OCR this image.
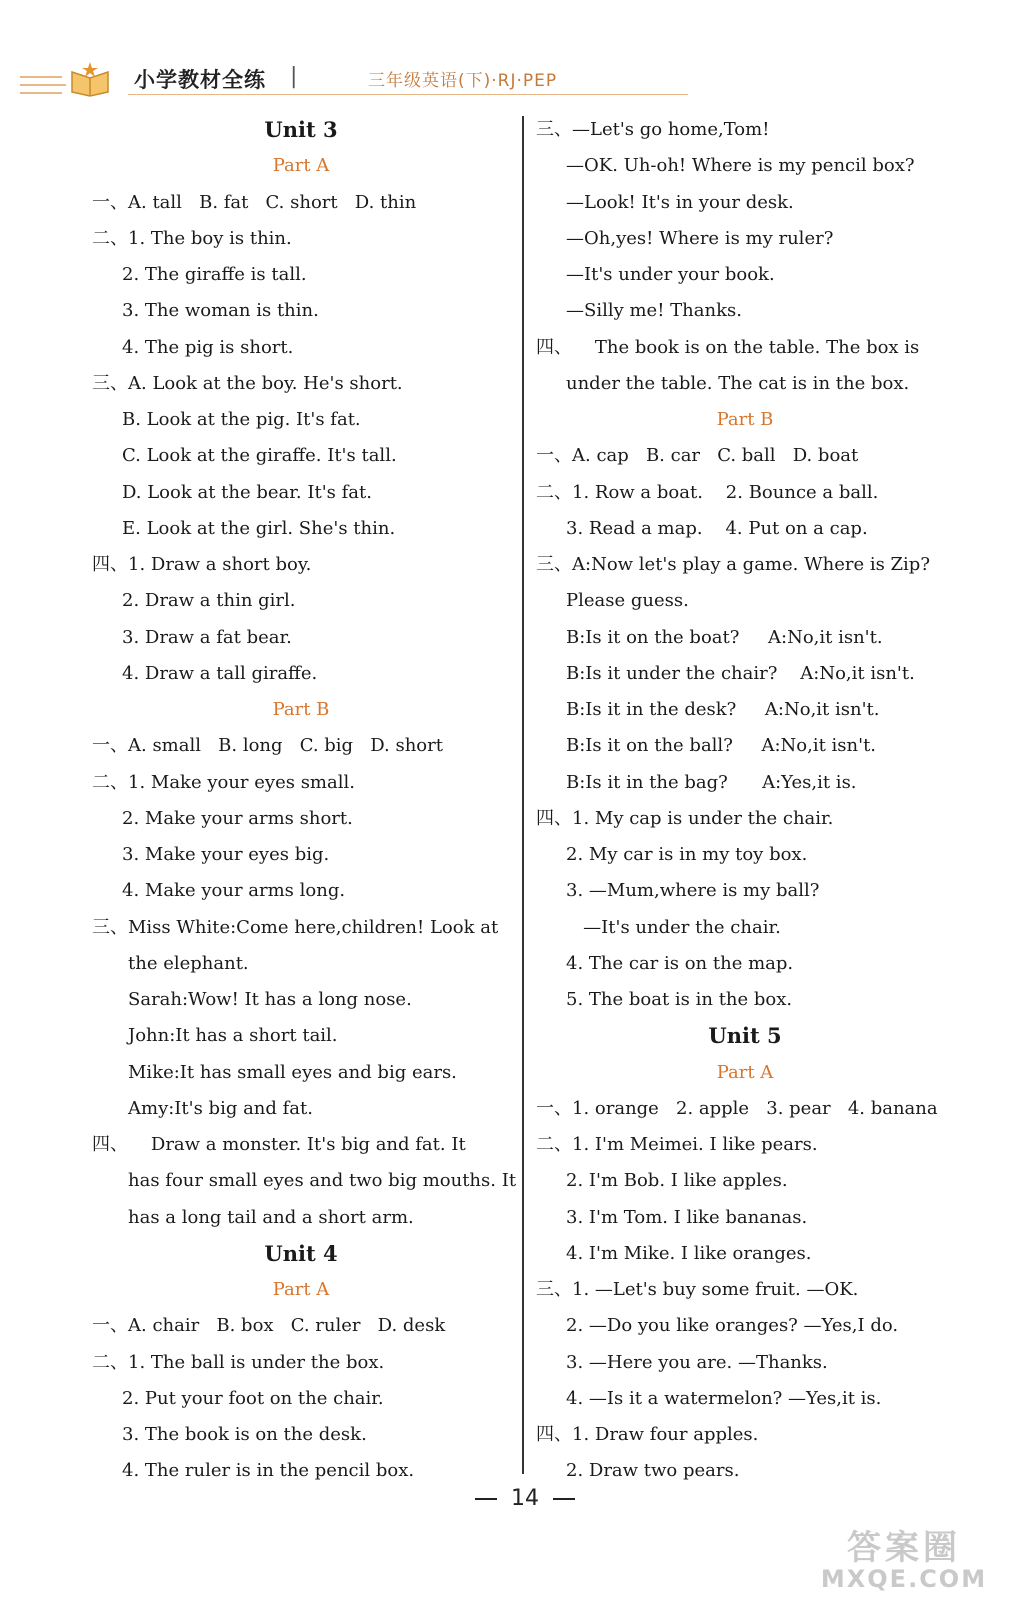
小学教材全练 |	三年级英语(下)·RJ·PEP
Unit 3
Part A
一、A. tall   B. fat   C. short   D. thin
二、1. The boy is thin.
2. The giraffe is tall.
3. The woman is thin.
4. The pig is short.
三、A. Look at the boy. He's short.
B. Look at the pig. It's fat.
C. Look at the giraffe. It's tall.
D. Look at the bear. It's fat.
E. Look at the girl. She's thin.
四、1. Draw a short boy.
2. Draw a thin girl.
3. Draw a fat bear.
4. Draw a tall giraffe.
Part B
一、A. small   B. long   C. big   D. short
二、1. Make your eyes small.
2. Make your arms short.
3. Make your eyes big.
4. Make your arms long.
三、Miss White:Come here,children! Look at
the elephant.
Sarah:Wow! It has a long nose.
John:It has a short tail.
Mike:It has small eyes and big ears.
Amy:It's big and fat.
四、    Draw a monster. It's big and fat. It
has four small eyes and two big mouths. It
has a long tail and a short arm.
Unit 4
Part A
一、A. chair   B. box   C. ruler   D. desk
二、1. The ball is under the box.
2. Put your foot on the chair.
3. The book is on the desk.
4. The ruler is in the pencil box.
三、—Let's go home,Tom!
—OK. Uh-oh! Where is my pencil box?
—Look! It's in your desk.
—Oh,yes! Where is my ruler?
—It's under your book.
—Silly me! Thanks.
四、    The book is on the table. The box is
under the table. The cat is in the box.
Part B
一、A. cap   B. car   C. ball   D. boat
二、1. Row a boat.    2. Bounce a ball.
3. Read a map.    4. Put on a cap.
三、A:Now let's play a game. Where is Zip?
Please guess.
B:Is it on the boat?     A:No,it isn't.
B:Is it under the chair?    A:No,it isn't.
B:Is it in the desk?     A:No,it isn't.
B:Is it on the ball?     A:No,it isn't.
B:Is it in the bag?      A:Yes,it is.
四、1. My cap is under the chair.
2. My car is in my toy box.
3. —Mum,where is my ball?
—It's under the chair.
4. The car is on the map.
5. The boat is in the box.
Unit 5
Part A
一、1. orange   2. apple   3. pear   4. banana
二、1. I'm Meimei. I like pears.
2. I'm Bob. I like apples.
3. I'm Tom. I like bananas.
4. I'm Mike. I like oranges.
三、1. —Let's buy some fruit. —OK.
2. —Do you like oranges? —Yes,I do.
3. —Here you are. —Thanks.
4. —Is it a watermelon? —Yes,it is.
四、1. Draw four apples.
2. Draw two pears.
14
答案圈
MXQE.COM
